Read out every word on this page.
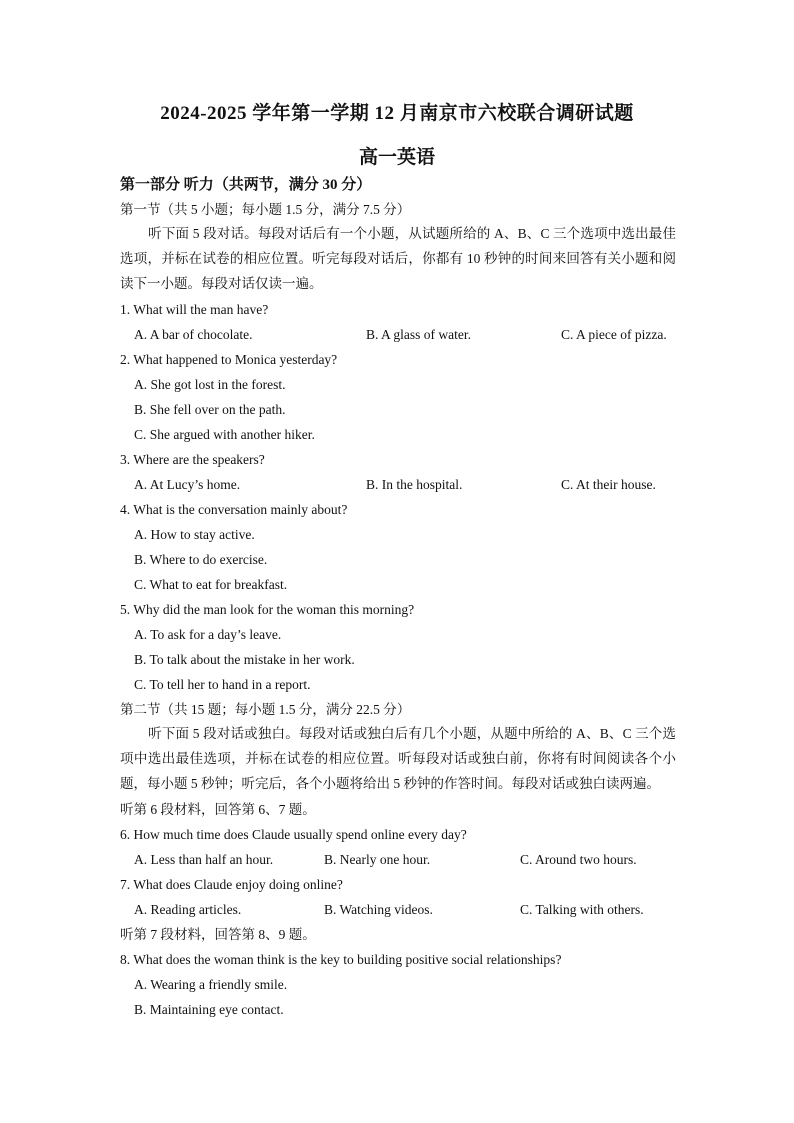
2024-2025 学年第一学期 12 月南京市六校联合调研试题
高一英语
第一部分 听力（共两节，满分 30 分）
第一节（共 5 小题；每小题 1.5 分，满分 7.5 分）
听下面 5 段对话。每段对话后有一个小题，从试题所给的 A、B、C 三个选项中选出最佳选项，并标在试卷的相应位置。听完每段对话后，你都有 10 秒钟的时间来回答有关小题和阅读下一小题。每段对话仅读一遍。
1. What will the man have?
A. A bar of chocolate.	B. A glass of water.	C. A piece of pizza.
2. What happened to Monica yesterday?
A. She got lost in the forest.
B. She fell over on the path.
C. She argued with another hiker.
3. Where are the speakers?
A. At Lucy’s home.	B. In the hospital.	C. At their house.
4. What is the conversation mainly about?
A. How to stay active.
B. Where to do exercise.
C. What to eat for breakfast.
5. Why did the man look for the woman this morning?
A. To ask for a day’s leave.
B. To talk about the mistake in her work.
C. To tell her to hand in a report.
第二节（共 15 题；每小题 1.5 分，满分 22.5 分）
听下面 5 段对话或独白。每段对话或独白后有几个小题，从题中所给的 A、B、C 三个选项中选出最佳选项，并标在试卷的相应位置。听每段对话或独白前，你将有时间阅读各个小题，每小题 5 秒钟；听完后，各个小题将给出 5 秒钟的作答时间。每段对话或独白读两遍。
听第 6 段材料，回答第 6、7 题。
6. How much time does Claude usually spend online every day?
A. Less than half an hour.	B. Nearly one hour.	C. Around two hours.
7. What does Claude enjoy doing online?
A. Reading articles.	B. Watching videos.	C. Talking with others.
听第 7 段材料，回答第 8、9 题。
8. What does the woman think is the key to building positive social relationships?
A. Wearing a friendly smile.
B. Maintaining eye contact.
